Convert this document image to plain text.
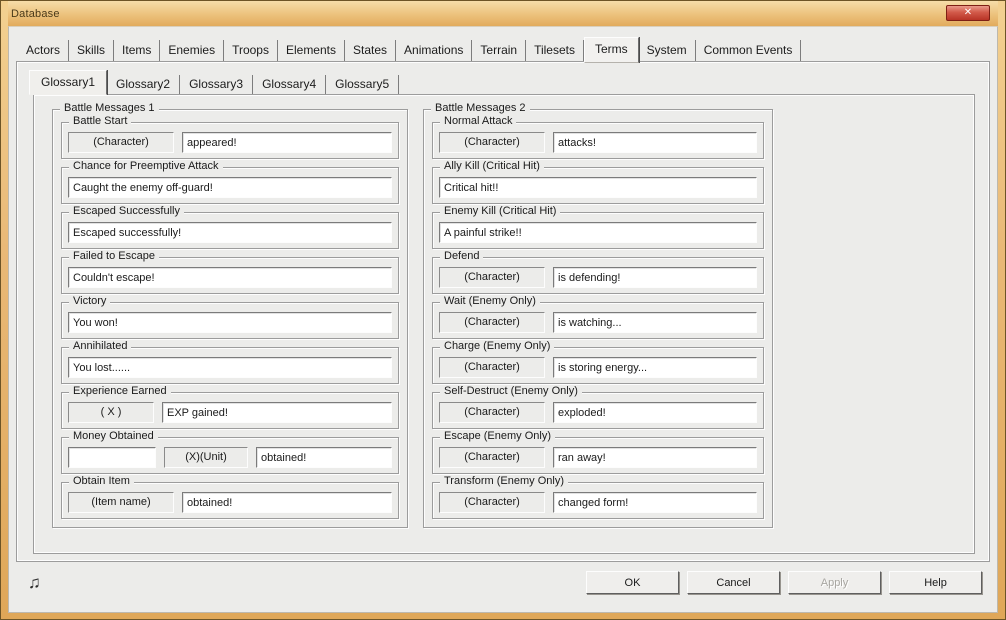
Database	✕
Actors	Skills	Items	Enemies	Troops	Elements	States	Animations	Terrain	Tilesets	Terms	System	Common Events
Glossary1	Glossary2	Glossary3	Glossary4	Glossary5
Battle Messages 1
Battle Start
(Character)
appeared!
Chance for Preemptive Attack
Caught the enemy off-guard!
Escaped Successfully
Escaped successfully!
Failed to Escape
Couldn't escape!
Victory
You won!
Annihilated
You lost......
Experience Earned
( X )
EXP gained!
Money Obtained
(X)(Unit)
obtained!
Obtain Item
(Item name)
obtained!
Battle Messages 2
Normal Attack
(Character)
attacks!
Ally Kill (Critical Hit)
Critical hit!!
Enemy Kill (Critical Hit)
A painful strike!!
Defend
(Character)
is defending!
Wait (Enemy Only)
(Character)
is watching...
Charge (Enemy Only)
(Character)
is storing energy...
Self-Destruct (Enemy Only)
(Character)
exploded!
Escape (Enemy Only)
(Character)
ran away!
Transform (Enemy Only)
(Character)
changed form!
♫	OK	Cancel	Apply	Help
